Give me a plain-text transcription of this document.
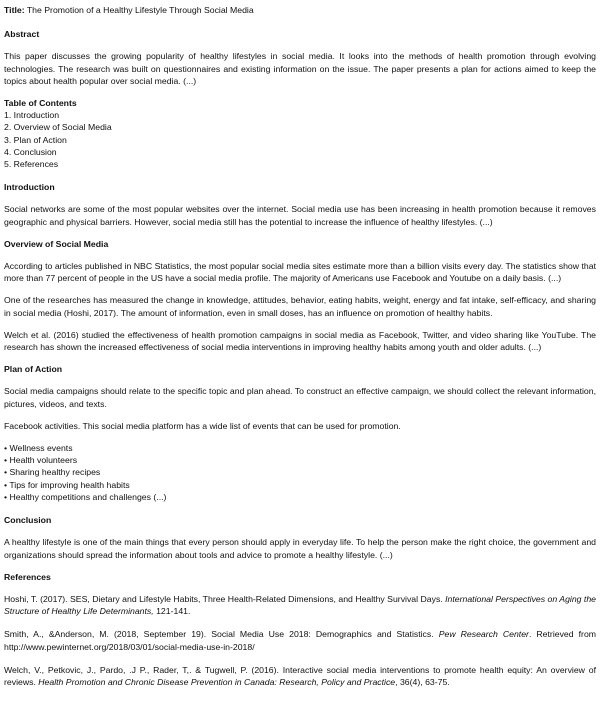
Title: The Promotion of a Healthy Lifestyle Through Social Media
Abstract

This paper discusses the growing popularity of healthy lifestyles in social media. It looks into the methods of health promotion through evolving technologies. The research was built on questionnaires and existing information on the issue. The paper presents a plan for actions aimed to keep the topics about health popular over social media. (...)

Table of Contents
1. Introduction
2. Overview of Social Media
3. Plan of Action
4. Conclusion
5. References
Introduction

Social networks are some of the most popular websites over the internet. Social media use has been increasing in health promotion because it removes geographic and physical barriers. However, social media still has the potential to increase the influence of healthy lifestyles. (...)

Overview of Social Media

According to articles published in NBC Statistics, the most popular social media sites estimate more than a billion visits every day. The statistics show that more than 77 percent of people in the US have a social media profile. The majority of Americans use Facebook and Youtube on a daily basis. (...)

One of the researches has measured the change in knowledge, attitudes, behavior, eating habits, weight, energy and fat intake, self-efficacy, and sharing in social media (Hoshi, 2017). The amount of information, even in small doses, has an influence on promotion of healthy habits.

Welch et al. (2016) studied the effectiveness of health promotion campaigns in social media as Facebook, Twitter, and video sharing like YouTube. The research has shown the increased effectiveness of social media interventions in improving healthy habits among youth and older adults. (...)

Plan of Action

Social media campaigns should relate to the specific topic and plan ahead. To construct an effective campaign, we should collect the relevant information, pictures, videos, and texts.

Facebook activities. This social media platform has a wide list of events that can be used for promotion.

• Wellness events
• Health volunteers
• Sharing healthy recipes
• Tips for improving health habits
• Healthy competitions and challenges (...)
Conclusion

A healthy lifestyle is one of the main things that every person should apply in everyday life. To help the person make the right choice, the government and organizations should spread the information about tools and advice to promote a healthy lifestyle. (...)

References

Hoshi, T. (2017). SES, Dietary and Lifestyle Habits, Three Health-Related Dimensions, and Healthy Survival Days. International Perspectives on Aging the Structure of Healthy Life Determinants, 121-141.

Smith, A., &Anderson, M. (2018, September 19). Social Media Use 2018: Demographics and Statistics. Pew Research Center. Retrieved from http://www.pewinternet.org/2018/03/01/social-media-use-in-2018/

Welch, V., Petkovic, J., Pardo, .J P., Rader, T,. & Tugwell, P. (2016). Interactive social media interventions to promote health equity: An overview of reviews. Health Promotion and Chronic Disease Prevention in Canada: Research, Policy and Practice, 36(4), 63-75.
